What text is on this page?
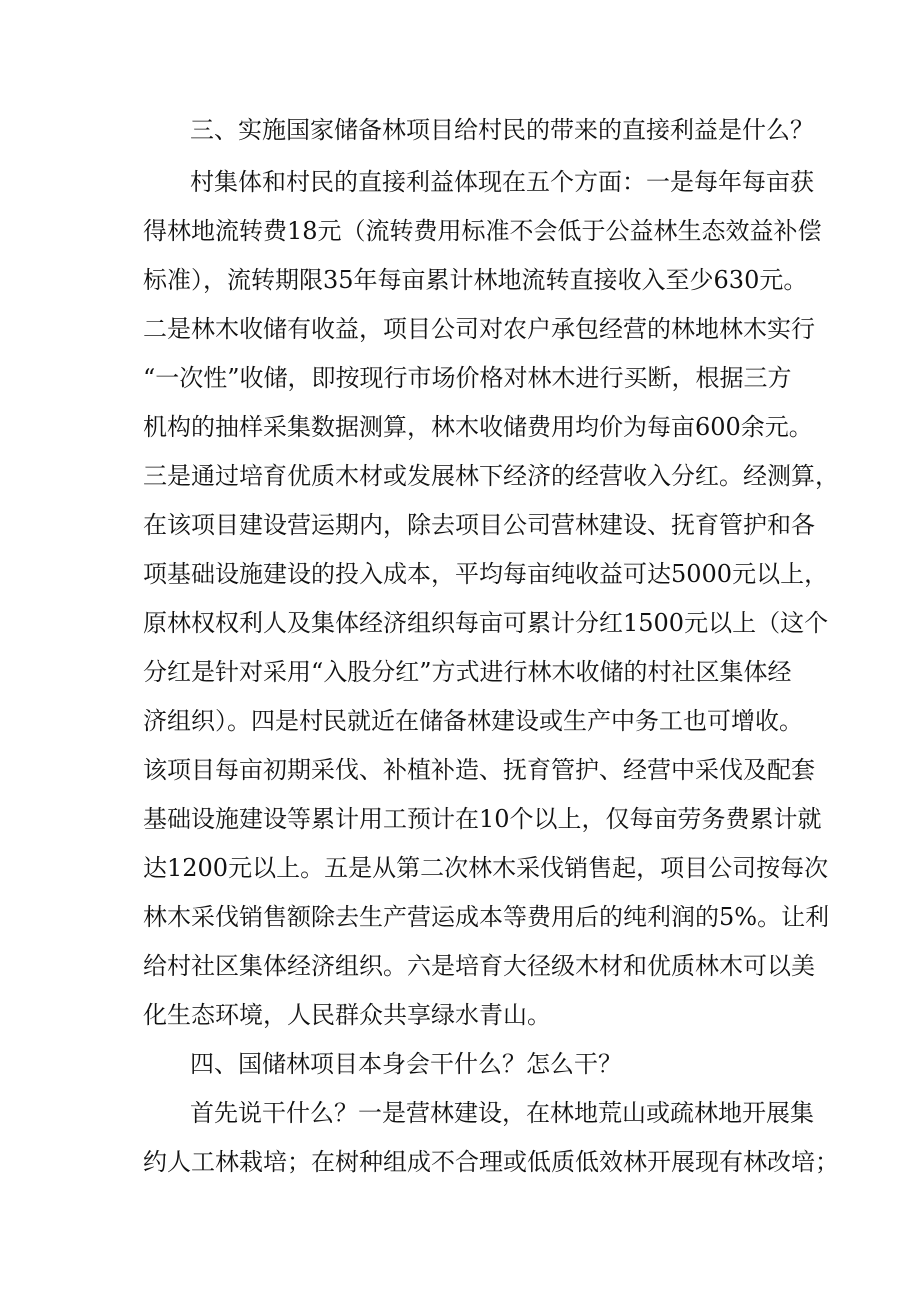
三、实施国家储备林项目给村民的带来的直接利益是什么？
村集体和村民的直接利益体现在五个方面：一是每年每亩获
得林地流转费18元（流转费用标准不会低于公益林生态效益补偿
标准），流转期限35年每亩累计林地流转直接收入至少630元。
二是林木收储有收益，项目公司对农户承包经营的林地林木实行
“一次性”收储，即按现行市场价格对林木进行买断，根据三方
机构的抽样采集数据测算，林木收储费用均价为每亩600余元。
三是通过培育优质木材或发展林下经济的经营收入分红。经测算，
在该项目建设营运期内，除去项目公司营林建设、抚育管护和各
项基础设施建设的投入成本，平均每亩纯收益可达5000元以上，
原林权权利人及集体经济组织每亩可累计分红1500元以上（这个
分红是针对采用“入股分红”方式进行林木收储的村社区集体经
济组织）。四是村民就近在储备林建设或生产中务工也可增收。
该项目每亩初期采伐、补植补造、抚育管护、经营中采伐及配套
基础设施建设等累计用工预计在10个以上，仅每亩劳务费累计就
达1200元以上。五是从第二次林木采伐销售起，项目公司按每次
林木采伐销售额除去生产营运成本等费用后的纯利润的5%。让利
给村社区集体经济组织。六是培育大径级木材和优质林木可以美
化生态环境，人民群众共享绿水青山。
四、国储林项目本身会干什么？怎么干？
首先说干什么？一是营林建设，在林地荒山或疏林地开展集
约人工林栽培；在树种组成不合理或低质低效林开展现有林改培；
